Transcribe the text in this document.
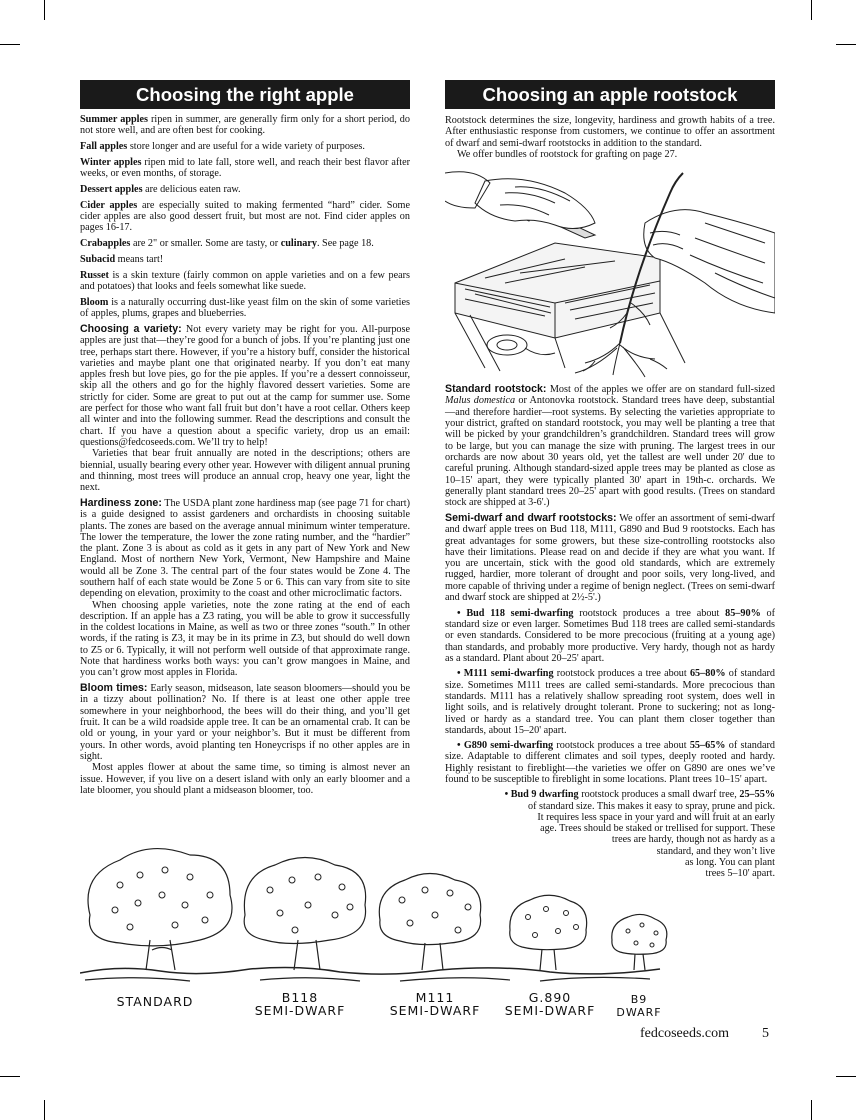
Choosing the right apple

Summer apples ripen in summer, are generally firm only for a short period, do not store well, and are often best for cooking.

Fall apples store longer and are useful for a wide variety of purposes.

Winter apples ripen mid to late fall, store well, and reach their best flavor after weeks, or even months, of storage.

Dessert apples are delicious eaten raw.

Cider apples are especially suited to making fermented “hard” cider. Some cider apples are also good dessert fruit, but most are not. Find cider apples on pages 16-17.

Crabapples are 2" or smaller. Some are tasty, or culinary. See page 18.

Subacid means tart!

Russet is a skin texture (fairly common on apple varieties and on a few pears and potatoes) that looks and feels somewhat like suede.

Bloom is a naturally occurring dust-like yeast film on the skin of some varieties of apples, plums, grapes and blueberries.

Choosing a variety: Not every variety may be right for you. All-purpose apples are just that—they’re good for a bunch of jobs. If you’re planting just one tree, perhaps start there. However, if you’re a history buff, consider the historical varieties and maybe plant one that originated nearby. If you don’t eat many apples fresh but love pies, go for the pie apples. If you’re a dessert connoisseur, skip all the others and go for the highly flavored dessert varieties. Some are strictly for cider. Some are great to put out at the camp for summer use. Some are perfect for those who want fall fruit but don’t have a root cellar. Others keep all winter and into the following summer. Read the descriptions and consult the chart. If you have a question about a specific variety, drop us an email: questions@fedcoseeds.com. We’ll try to help!

Varieties that bear fruit annually are noted in the descriptions; others are biennial, usually bearing every other year. However with diligent annual pruning and thinning, most trees will produce an annual crop, heavy one year, light the next.

Hardiness zone: The USDA plant zone hardiness map (see page 71 for chart) is a guide designed to assist gardeners and orchardists in choosing suitable plants. The zones are based on the average annual minimum winter temperature. The lower the temperature, the lower the zone rating number, and the “hardier” the plant. Zone 3 is about as cold as it gets in any part of New York and New England. Most of northern New York, Vermont, New Hampshire and Maine would all be Zone 3. The central part of the four states would be Zone 4. The southern half of each state would be Zone 5 or 6. This can vary from site to site depending on elevation, proximity to the coast and other microclimatic factors.

When choosing apple varieties, note the zone rating at the end of each description. If an apple has a Z3 rating, you will be able to grow it successfully in the coldest locations in Maine, as well as two or three zones “south.” In other words, if the rating is Z3, it may be in its prime in Z3, but should do well down to Z5 or 6. Typically, it will not perform well outside of that approximate range. Note that hardiness works both ways: you can’t grow mangoes in Maine, and you can’t grow most apples in Florida.

Bloom times: Early season, midseason, late season bloomers—should you be in a tizzy about pollination? No. If there is at least one other apple tree somewhere in your neighborhood, the bees will do their thing, and you’ll get fruit. It can be a wild roadside apple tree. It can be an ornamental crab. It can be old or young, in your yard or your neighbor’s. But it must be different from yours. In other words, avoid planting ten Honeycrisps if no other apples are in sight.

Most apples flower at about the same time, so timing is almost never an issue. However, if you live on a desert island with only an early bloomer and a late bloomer, you should plant a midseason bloomer, too.

Choosing an apple rootstock

Rootstock determines the size, longevity, hardiness and growth habits of a tree. After enthusiastic response from customers, we continue to offer an assortment of dwarf and semi-dwarf rootstocks in addition to the standard.

We offer bundles of rootstock for grafting on page 27.

Standard rootstock: Most of the apples we offer are on standard full-sized Malus domestica or Antonovka rootstock. Standard trees have deep, substantial—and therefore hardier—root systems. By selecting the varieties appropriate to your district, grafted on standard rootstock, you may well be planting a tree that will be picked by your grandchildren’s grandchildren. Standard trees will grow to be large, but you can manage the size with pruning. The largest trees in our orchards are now about 30 years old, yet the tallest are well under 20' due to careful pruning. Although standard-sized apple trees may be planted as close as 10–15' apart, they were typically planted 30' apart in 19th-c. orchards. We generally plant standard trees 20–25' apart with good results. (Trees on standard stock are shipped at 3-6'.)

Semi-dwarf and dwarf rootstocks: We offer an assortment of semi-dwarf and dwarf apple trees on Bud 118, M111, G890 and Bud 9 rootstocks. Each has great advantages for some growers, but these size-controlling rootstocks also have their limitations. Please read on and decide if they are what you want. If you are uncertain, stick with the good old standards, which are extremely rugged, hardier, more tolerant of drought and poor soils, very long-lived, and more capable of thriving under a regime of benign neglect. (Trees on semi-dwarf and dwarf stock are shipped at 2½-5'.)

• Bud 118 semi-dwarfing rootstock produces a tree about 85–90% of standard size or even larger. Sometimes Bud 118 trees are called semi-standards or even standards. Considered to be more precocious (fruiting at a young age) than standards, and probably more productive. Very hardy, though not as hardy as a standard. Plant about 20–25' apart.

• M111 semi-dwarfing rootstock produces a tree about 65–80% of standard size. Sometimes M111 trees are called semi-standards. More precocious than standards. M111 has a relatively shallow spreading root system, does well in light soils, and is relatively drought tolerant. Prone to suckering; not as long-lived or hardy as a standard tree. You can plant them closer together than standards, about 15–20' apart.

• G890 semi-dwarfing rootstock produces a tree about 55–65% of standard size. Adaptable to different climates and soil types, deeply rooted and hardy. Highly resistant to fireblight—the varieties we offer on G890 are ones we’ve found to be susceptible to fireblight in some locations. Plant trees 10–15' apart.

• Bud 9 dwarfing rootstock produces a small dwarf tree, 25–55%

of standard size. This makes it easy to spray, prune and pick.

It requires less space in your yard and will fruit at an early

age. Trees should be staked or trellised for support. These

trees are hardy, though not as hardy as a

standard, and they won’t live

as long. You can plant

trees 5–10' apart.

STANDARD	B118
SEMI-DWARF
M111
SEMI-DWARF
G.890
SEMI-DWARF
B9
DWARF
fedcoseeds.com 5
